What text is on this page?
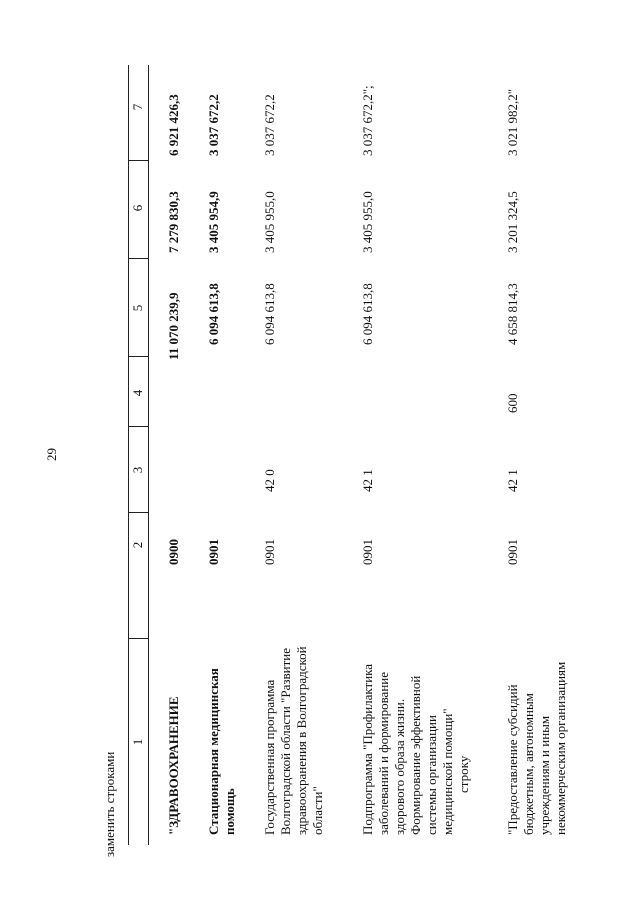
29
заменить строками
1
2
3
4
5
6
7
"ЗДРАВООХРАНЕНИЕ
0900
11 070 239,9
7 279 830,3
6 921 426,3
Стационарная медицинская помощь
0901
6 094 613,8
3 405 954,9
3 037 672,2
Государственная программа Волгоградской области "Развитие здравоохранения в Волгоградской области"
0901
42 0
6 094 613,8
3 405 955,0
3 037 672,2
Подпрограмма "Профилактика заболеваний и формирование здорового образа жизни. Формирование эффективной системы организации медицинской помощи"
0901
42 1
6 094 613,8
3 405 955,0
3 037 672,2";
строку	"Предоставление субсидий бюджетным, автономным учреждениям и иным некоммерческим организациям
0901
42 1
600
4 658 814,3
3 201 324,5
3 021 982,2"
